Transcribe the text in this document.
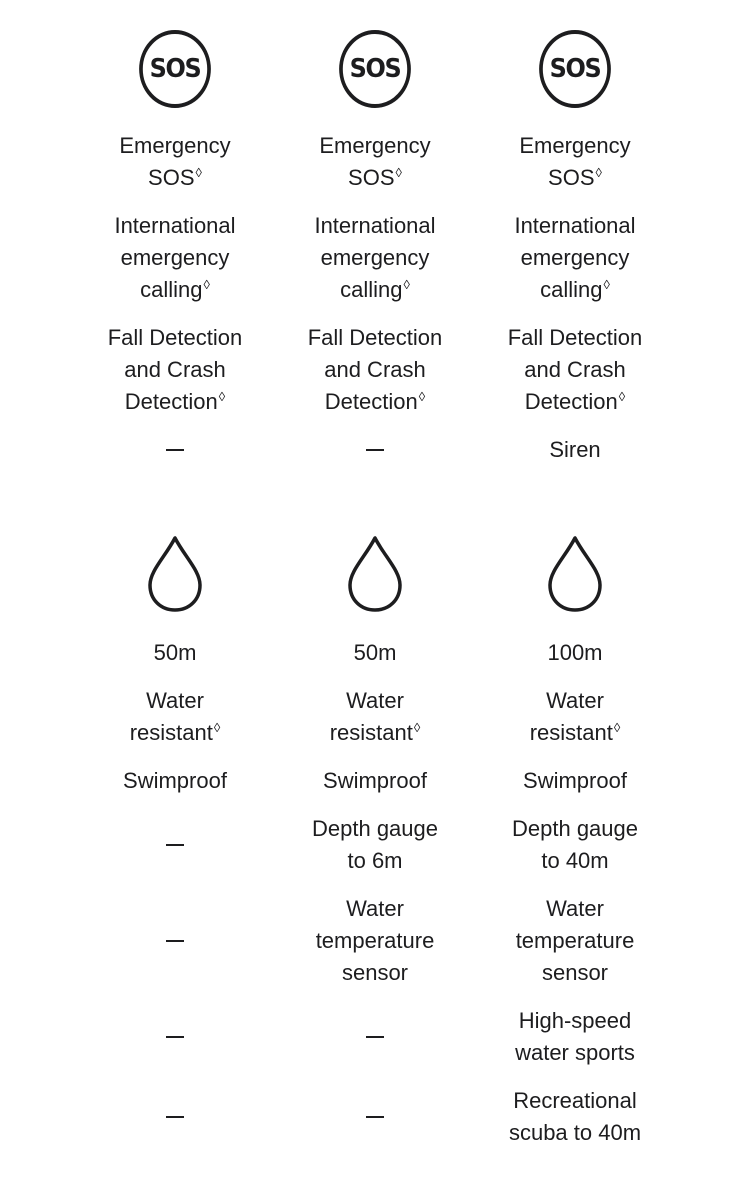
SOS
Emergency
SOS◊
International
emergency
calling◊
Fall Detection
and Crash
Detection◊
SOS
Emergency
SOS◊
International
emergency
calling◊
Fall Detection
and Crash
Detection◊
SOS
Emergency
SOS◊
International
emergency
calling◊
Fall Detection
and Crash
Detection◊
Siren
50m
Water
resistant◊
Swimproof
50m
Water
resistant◊
Swimproof
Depth gauge
to 6m
Water
temperature
sensor
100m
Water
resistant◊
Swimproof
Depth gauge
to 40m
Water
temperature
sensor
High-speed
water sports
Recreational
scuba to 40m
